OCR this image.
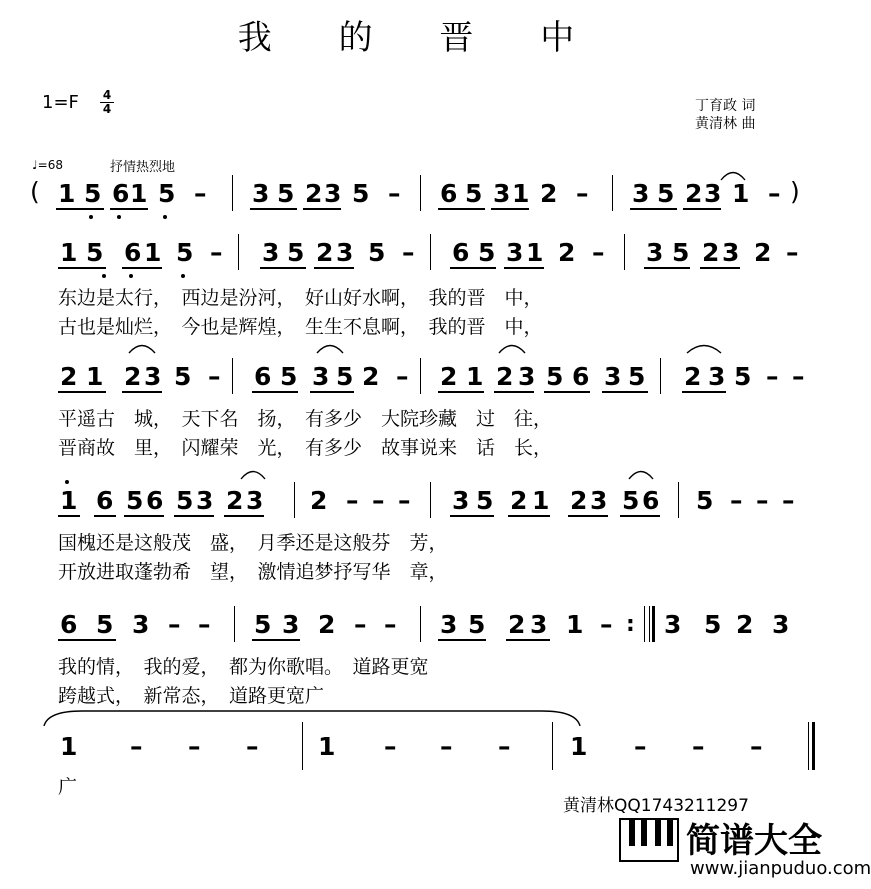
我 的 晋 中
1=F 4
4	丁育政 词
黄清林 曲
♩=68	抒情热烈地
( 1 5 6 1 5 – 3 5 2 3 5 – 6 5 3 1 2 – 3 5 2 3 1 – )
1 5 6 1 5 – 3 5 2 3 5 – 6 5 3 1 2 – 3 5 2 3 2 –
东边是太行，　西边是汾河，　好山好水啊，　我的晋　中，
古也是灿烂，　今也是辉煌，　生生不息啊，　我的晋　中，
2 1 2 3 5 – 6 5 3 5 2 – 2 1 2 3 5 6 3 5 2 3 5 – –
平遥古　城，　天下名　扬，　有多少　大院珍藏　过　往，
晋商故　里，　闪耀荣　光，　有多少　故事说来　话　长，
1 6 5 6 5 3 2 3 2 – – – 3 5 2 1 2 3 5 6 5 – – –
国槐还是这般茂　盛，　月季还是这般芬　芳，
开放进取蓬勃希　望，　激情追梦抒写华　章，
6 5 3 – – 5 3 2 – – 3 5 2 3 1 – 3 5 2 3
:
我的情，　我的爱，　都为你歌唱。　道路更宽
跨越式，　新常态，　道路更宽广
1 – – – 1 – – – 1 – – –
广
黄清林QQ1743211297
简谱大全
www.jianpuduo.com
